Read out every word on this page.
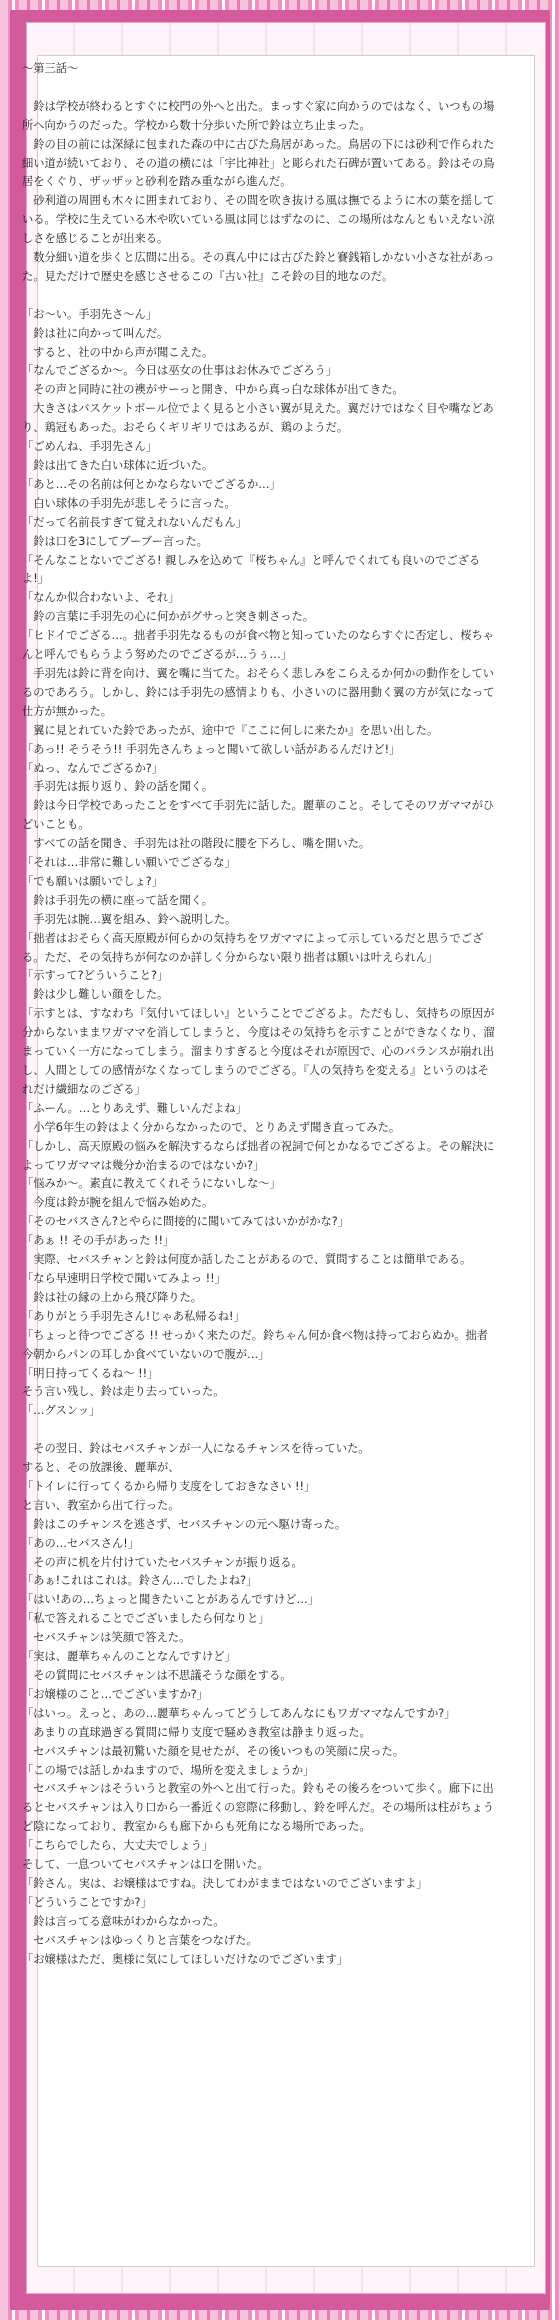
〜第三話〜

　鈴は学校が終わるとすぐに校門の外へと出た。まっすぐ家に向かうのではなく、いつもの場所へ向かうのだった。学校から数十分歩いた所で鈴は立ち止まった。

　鈴の目の前には深緑に包まれた森の中に古びた鳥居があった。鳥居の下には砂利で作られた細い道が続いており、その道の横には「宇比神社」と彫られた石碑が置いてある。鈴はその鳥居をくぐり、ザッザッと砂利を踏み重ながら進んだ。

　砂利道の周囲も木々に囲まれており、その間を吹き抜ける風は撫でるように木の葉を揺している。学校に生えている木や吹いている風は同じはずなのに、この場所はなんともいえない涼しさを感じることが出来る。

　数分細い道を歩くと広間に出る。その真ん中には古びた鈴と賽銭箱しかない小さな社があった。見ただけで歴史を感じさせるこの『古い社』こそ鈴の目的地なのだ。

「お〜い。手羽先さ〜ん」

　鈴は社に向かって叫んだ。

　すると、社の中から声が聞こえた。

「なんでござるか〜。今日は巫女の仕事はお休みでござろう」

　その声と同時に社の襖がサーっと開き、中から真っ白な球体が出てきた。

　大きさはバスケットボール位でよく見ると小さい翼が見えた。翼だけではなく目や嘴などあり、鶏冠もあった。おそらくギリギリではあるが、鶏のようだ。

「ごめんね、手羽先さん」

　鈴は出てきた白い球体に近づいた。

「あと…その名前は何とかならないでござるか…」

　白い球体の手羽先が悲しそうに言った。

「だって名前長すぎて覚えれないんだもん」

　鈴は口を3にしてブーブー言った。

「そんなことないでござる! 親しみを込めて『桜ちゃん』と呼んでくれても良いのでござるよ!」

「なんか似合わないよ、それ」

　鈴の言葉に手羽先の心に何かがグサっと突き刺さった。

「ヒドイでござる…。拙者手羽先なるものが食べ物と知っていたのならすぐに否定し、桜ちゃんと呼んでもらうよう努めたのでござるが…うぅ…」

　手羽先は鈴に背を向け、翼を嘴に当てた。おそらく悲しみをこらえるか何かの動作をしているのであろう。しかし、鈴には手羽先の感情よりも、小さいのに器用動く翼の方が気になって仕方が無かった。

　翼に見とれていた鈴であったが、途中で『ここに何しに来たか』を思い出した。

「あっ!! そうそう!! 手羽先さんちょっと聞いて欲しい話があるんだけど!」

「ぬっ、なんでござるか?」

　手羽先は振り返り、鈴の話を聞く。

　鈴は今日学校であったことをすべて手羽先に話した。麗華のこと。そしてそのワガママがひどいことも。

　すべての話を聞き、手羽先は社の階段に腰を下ろし、嘴を開いた。

「それは…非常に難しい願いでござるな」

「でも願いは願いでしょ?」

　鈴は手羽先の横に座って話を聞く。

　手羽先は腕…翼を組み、鈴へ説明した。

「拙者はおそらく高天原殿が何らかの気持ちをワガママによって示しているだと思うでござる。ただ、その気持ちが何なのか詳しく分からない限り拙者は願いは叶えられん」

「示すって?どういうこと?」

　鈴は少し難しい顔をした。

「示すとは、すなわち『気付いてほしい』ということでござるよ。ただもし、気持ちの原因が分からないままワガママを消してしまうと、今度はその気持ちを示すことができなくなり、溜まっていく一方になってしまう。溜まりすぎると今度はそれが原因で、心のバランスが崩れ出し、人間としての感情がなくなってしまうのでござる。『人の気持ちを変える』というのはそれだけ繊細なのござる」

「ふーん。…とりあえず、難しいんだよね」

　小学6年生の鈴はよく分からなかったので、とりあえず聞き直ってみた。

「しかし、高天原殿の悩みを解決するならば拙者の祝詞で何とかなるでござるよ。その解決によってワガママは幾分か治まるのではないか?」

「悩みか〜。素直に教えてくれそうにないしな〜」

　今度は鈴が腕を組んで悩み始めた。

「そのセバスさん?とやらに間接的に聞いてみてはいかがかな?」

「あぁ !! その手があった !!」

　実際、セバスチャンと鈴は何度か話したことがあるので、質問することは簡単である。

「なら早速明日学校で聞いてみよっ !!」

　鈴は社の縁の上から飛び降りた。

「ありがとう手羽先さん!じゃあ私帰るね!」

「ちょっと待つでござる !! せっかく来たのだ。鈴ちゃん何か食べ物は持っておらぬか。拙者今朝からパンの耳しか食べていないので腹が…」

「明日持ってくるね〜 !!」

そう言い残し、鈴は走り去っていった。

「…グスンッ」

　その翌日、鈴はセバスチャンが一人になるチャンスを待っていた。

すると、その放課後、麗華が、

「トイレに行ってくるから帰り支度をしておきなさい !!」

と言い、教室から出て行った。

　鈴はこのチャンスを逃さず、セバスチャンの元へ駆け寄った。

「あの…セバスさん!」

　その声に机を片付けていたセバスチャンが振り返る。

「あぁ!これはこれは。鈴さん…でしたよね?」

「はい!あの…ちょっと聞きたいことがあるんですけど…」

「私で答えれることでございましたら何なりと」

　セバスチャンは笑顔で答えた。

「実は、麗華ちゃんのことなんですけど」

　その質問にセバスチャンは不思議そうな顔をする。

「お嬢様のこと…でございますか?」

「はいっ。えっと、あの…麗華ちゃんってどうしてあんなにもワガママなんですか?」

　あまりの直球過ぎる質問に帰り支度で騒めき教室は静まり返った。

　セバスチャンは最初驚いた顔を見せたが、その後いつもの笑顔に戻った。

「この場では話しかねますので、場所を変えましょうか」

　セバスチャンはそういうと教室の外へと出て行った。鈴もその後ろをついて歩く。廊下に出るとセバスチャンは入り口から一番近くの窓際に移動し、鈴を呼んだ。その場所は柱がちょうど陰になっており、教室からも廊下からも死角になる場所であった。

「こちらでしたら、大丈夫でしょう」

そして、一息ついてセバスチャンは口を開いた。

「鈴さん。実は、お嬢様はですね。決してわがままではないのでございますよ」

「どういうことですか?」

　鈴は言ってる意味がわからなかった。

　セバスチャンはゆっくりと言葉をつなげた。

「お嬢様はただ、奥様に気にしてほしいだけなのでございます」
